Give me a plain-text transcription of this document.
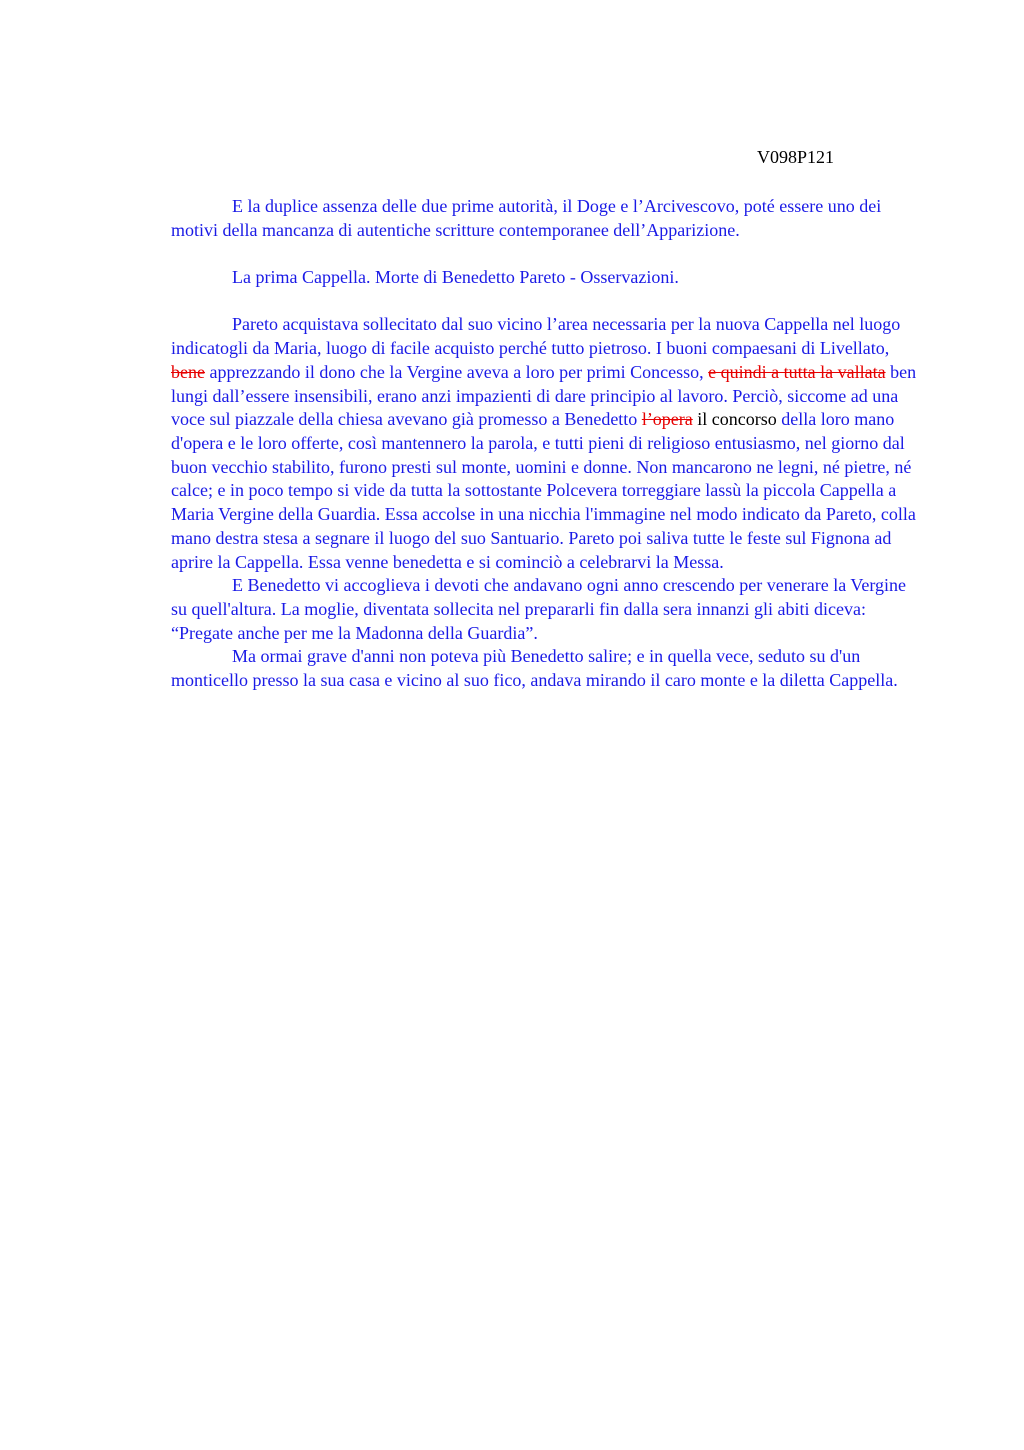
V098P121

E la duplice assenza delle due prime autorità, il Doge e l’Arcivescovo, poté essere uno dei motivi della mancanza di autentiche scritture contemporanee dell’Apparizione.

La prima Cappella. Morte di Benedetto Pareto - Osservazioni.

Pareto acquistava sollecitato dal suo vicino l’area necessaria per la nuova Cappella nel luogo indicatogli da Maria, luogo di facile acquisto perché tutto pietroso. I buoni compaesani di Livellato, bene apprezzando il dono che la Vergine aveva a loro per primi Concesso, e quindi a tutta la vallata ben lungi dall’essere insensibili, erano anzi impazienti di dare principio al lavoro. Perciò, siccome ad una voce sul piazzale della chiesa avevano già promesso a Benedetto l’opera il concorso della loro mano d'opera e le loro offerte, così mantennero la parola, e tutti pieni di religioso entusiasmo, nel giorno dal buon vecchio stabilito, furono presti sul monte, uomini e donne. Non mancarono ne legni, né pietre, né calce; e in poco tempo si vide da tutta la sottostante Polcevera torreggiare lassù la piccola Cappella a Maria Vergine della Guardia. Essa accolse in una nicchia l'immagine nel modo indicato da Pareto, colla mano destra stesa a segnare il luogo del suo Santuario. Pareto poi saliva tutte le feste sul Fignona ad aprire la Cappella. Essa venne benedetta e si cominciò a celebrarvi la Messa.

E Benedetto vi accoglieva i devoti che andavano ogni anno crescendo per venerare la Vergine su quell'altura. La moglie, diventata sollecita nel prepararli fin dalla sera innanzi gli abiti diceva: “Pregate anche per me la Madonna della Guardia”.

Ma ormai grave d'anni non poteva più Benedetto salire; e in quella vece, seduto su d'un monticello presso la sua casa e vicino al suo fico, andava mirando il caro monte e la diletta Cappella.
